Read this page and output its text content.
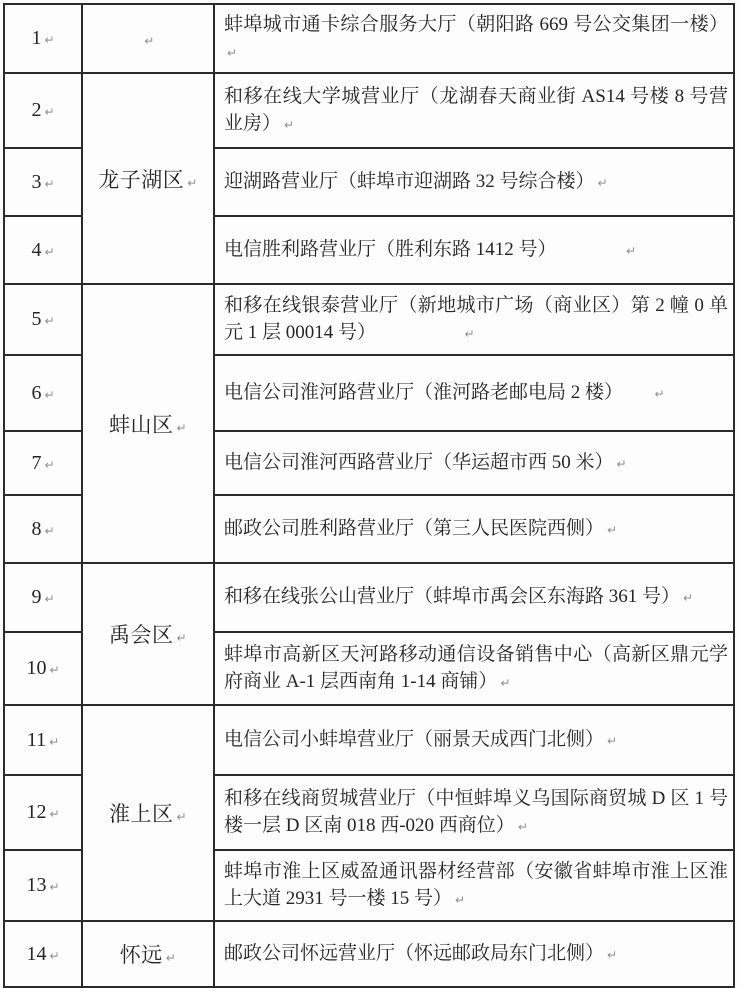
1 ↵	↵	蚌埠城市通卡综合服务大厅（朝阳路 669 号公交集团一楼）↵
2 ↵	龙子湖区 ↵	和移在线大学城营业厅（龙湖春天商业街 AS14 号楼 8 号营业房） ↵
3 ↵		迎湖路营业厅（蚌埠市迎湖路 32 号综合楼） ↵
4 ↵		电信胜利路营业厅（胜利东路 1412 号）　　　　↵
5 ↵	蚌山区 ↵	和移在线银泰营业厅（新地城市广场（商业区）第 2 幢 0 单元 1 层 00014 号）　　　　　↵
6 ↵		电信公司淮河路营业厅（淮河路老邮电局 2 楼）　　↵
7 ↵		电信公司淮河西路营业厅（华运超市西 50 米） ↵
8 ↵		邮政公司胜利路营业厅（第三人民医院西侧） ↵
9 ↵	禹会区 ↵	和移在线张公山营业厅（蚌埠市禹会区东海路 361 号） ↵
10 ↵		蚌埠市高新区天河路移动通信设备销售中心（高新区鼎元学府商业 A-1 层西南角 1-14 商铺） ↵
11 ↵	淮上区 ↵	电信公司小蚌埠营业厅（丽景天成西门北侧） ↵
12 ↵		和移在线商贸城营业厅（中恒蚌埠义乌国际商贸城 D 区 1 号楼一层 D 区南 018 西-020 西商位） ↵
13 ↵		蚌埠市淮上区威盈通讯器材经营部（安徽省蚌埠市淮上区淮上大道 2931 号一楼 15 号） ↵
14 ↵	怀远 ↵	邮政公司怀远营业厅（怀远邮政局东门北侧） ↵
